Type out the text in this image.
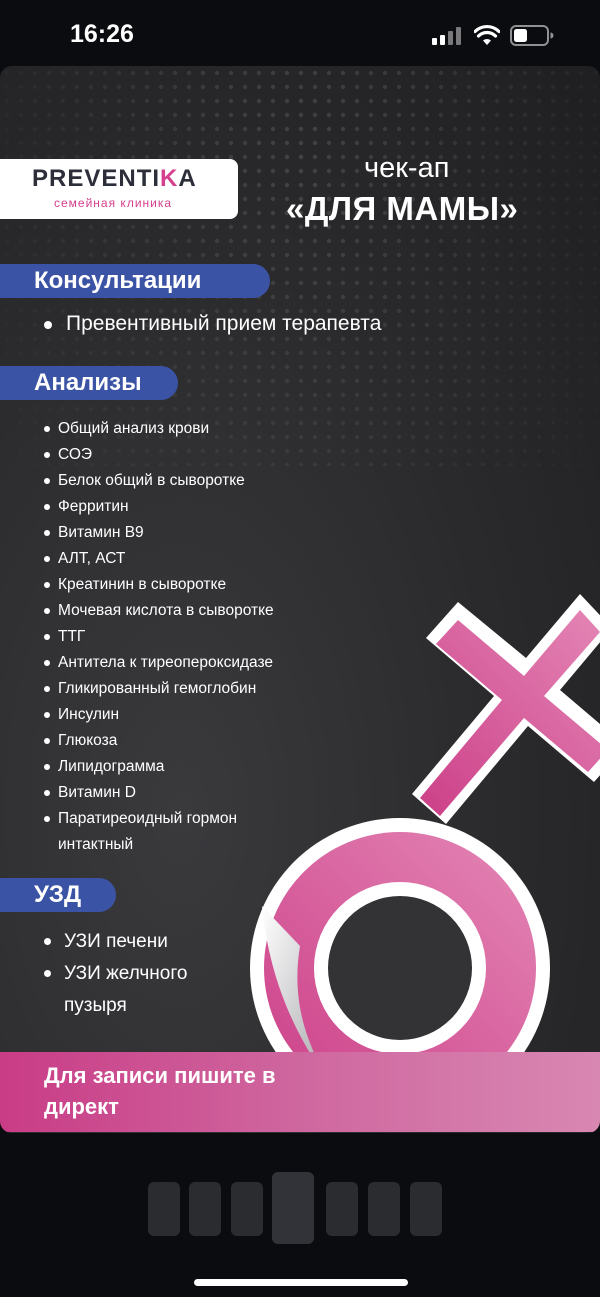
16:26
PREVENTIKA
семейная клиника
чек-ап
«ДЛЯ МАМЫ»
Консультации
Превентивный прием терапевта
Анализы
Общий анализ крови
СОЭ
Белок общий в сыворотке
Ферритин
Витамин B9
АЛТ, АСТ
Креатинин в сыворотке
Мочевая кислота в сыворотке
ТТГ
Антитела к тиреопероксидазе
Гликированный гемоглобин
Инсулин
Глюкоза
Липидограмма
Витамин D
Паратиреоидный гормон
интактный
УЗД
УЗИ печени
УЗИ желчного
пузыря
Для записи пишите в директ
